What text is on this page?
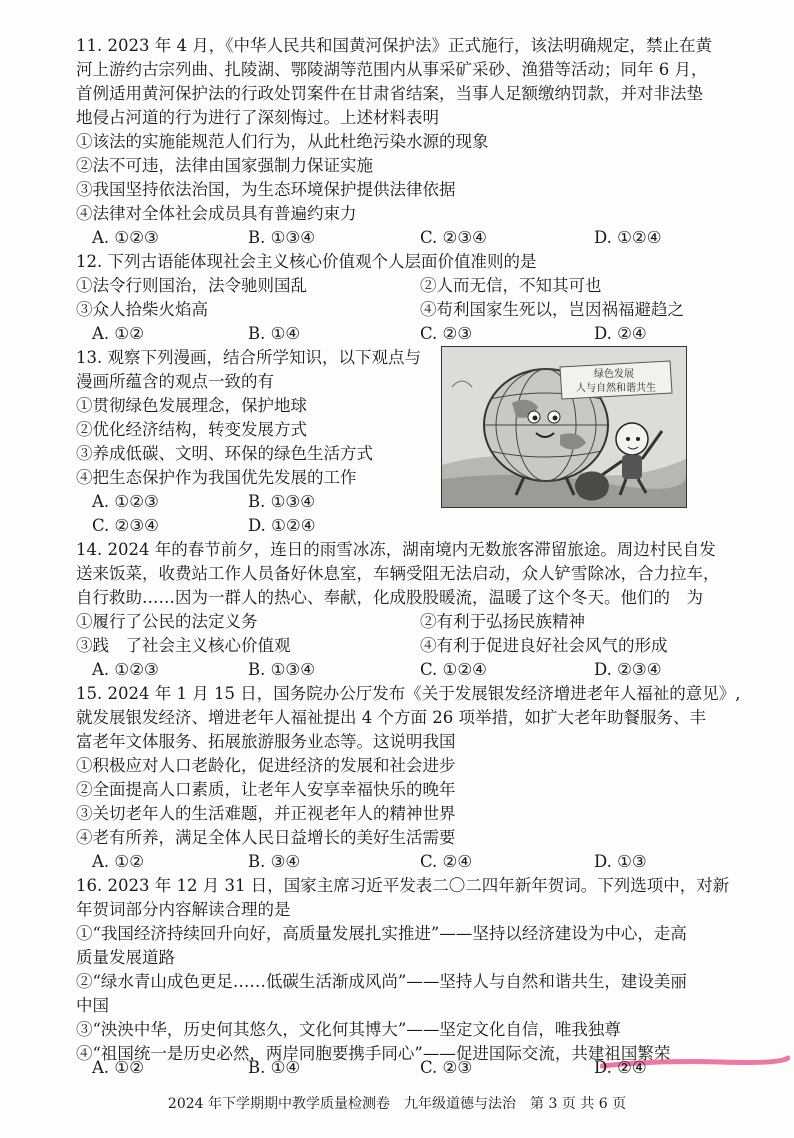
11. 2023 年 4 月，《中华人民共和国黄河保护法》正式施行，该法明确规定，禁止在黄
河上游约古宗列曲、扎陵湖、鄂陵湖等范围内从事采矿采砂、渔猎等活动；同年 6 月，
首例适用黄河保护法的行政处罚案件在甘肃省结案，当事人足额缴纳罚款，并对非法垫
地侵占河道的行为进行了深刻悔过。上述材料表明
①该法的实施能规范人们行为，从此杜绝污染水源的现象
②法不可违，法律由国家强制力保证实施
③我国坚持依法治国，为生态环境保护提供法律依据
④法律对全体社会成员具有普遍约束力
A. ①②③	B. ①③④	C. ②③④	D. ①②④
12. 下列古语能体现社会主义核心价值观个人层面价值准则的是
①法令行则国治，法令驰则国乱	②人而无信，不知其可也
③众人拾柴火焰高	④苟利国家生死以，岂因祸福避趋之
A. ①②	B. ①④	C. ②③	D. ②④
13. 观察下列漫画，结合所学知识，以下观点与
漫画所蕴含的观点一致的有
①贯彻绿色发展理念，保护地球
②优化经济结构，转变发展方式
③养成低碳、文明、环保的绿色生活方式
④把生态保护作为我国优先发展的工作
A. ①②③	B. ①③④
C. ②③④	D. ①②④
绿色发展
人与自然和谐共生
14. 2024 年的春节前夕，连日的雨雪冰冻，湖南境内无数旅客滞留旅途。周边村民自发
送来饭菜，收费站工作人员备好休息室，车辆受阻无法启动，众人铲雪除冰，合力拉车，
自行救助……因为一群人的热心、奉献，化成股股暖流，温暖了这个冬天。他们的　为
①履行了公民的法定义务	②有利于弘扬民族精神
③践　了社会主义核心价值观	④有利于促进良好社会风气的形成
A. ①②③	B. ①③④	C. ①②④	D. ②③④
15. 2024 年 1 月 15 日，国务院办公厅发布《关于发展银发经济增进老年人福祉的意见》,
就发展银发经济、增进老年人福祉提出 4 个方面 26 项举措，如扩大老年助餐服务、丰
富老年文体服务、拓展旅游服务业态等。这说明我国
①积极应对人口老龄化，促进经济的发展和社会进步
②全面提高人口素质，让老年人安享幸福快乐的晚年
③关切老年人的生活难题，并正视老年人的精神世界
④老有所养，满足全体人民日益增长的美好生活需要
A. ①②	B. ③④	C. ②④	D. ①③
16. 2023 年 12 月 31 日，国家主席习近平发表二〇二四年新年贺词。下列选项中，对新
年贺词部分内容解读合理的是
①“我国经济持续回升向好，高质量发展扎实推进”——坚持以经济建设为中心，走高
质量发展道路
②“绿水青山成色更足……低碳生活渐成风尚”——坚持人与自然和谐共生，建设美丽
中国
③“泱泱中华，历史何其悠久，文化何其博大”——坚定文化自信，唯我独尊
④“祖国统一是历史必然，两岸同胞要携手同心”——促进国际交流，共建祖国繁荣
A. ①②	B. ①④	C. ②③	D. ②④
2024 年下学期期中教学质量检测卷　九年级道德与法治　第 3 页 共 6 页
